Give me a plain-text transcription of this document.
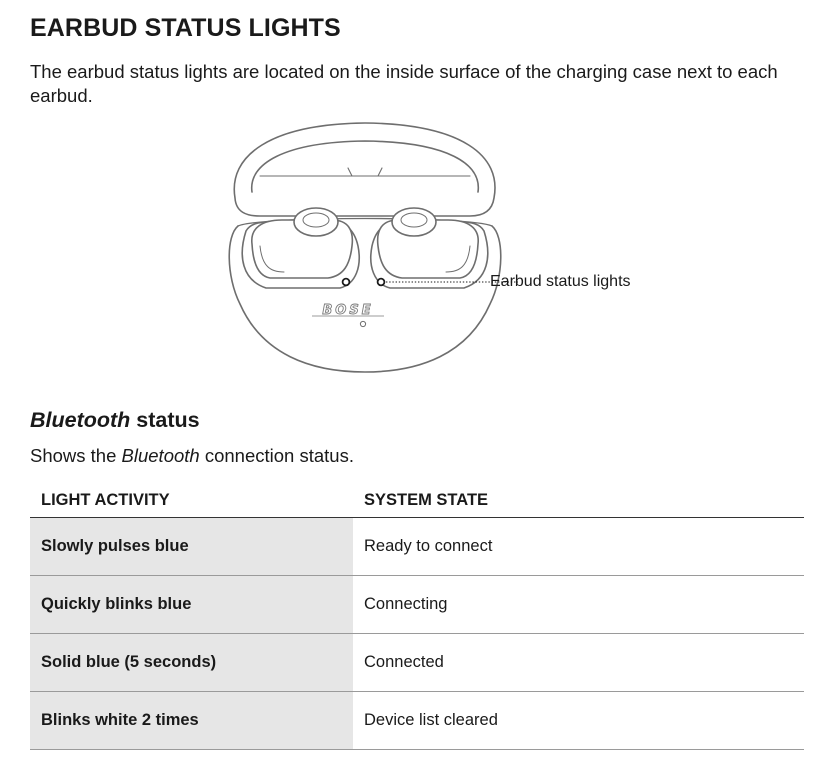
EARBUD STATUS LIGHTS

The earbud status lights are located on the inside surface of the charging case next to each earbud.

BOSE
Earbud status lights
Bluetooth status

Shows the Bluetooth connection status.

LIGHT ACTIVITY	SYSTEM STATE
Slowly pulses blue	Ready to connect
Quickly blinks blue	Connecting
Solid blue (5 seconds)	Connected
Blinks white 2 times	Device list cleared
